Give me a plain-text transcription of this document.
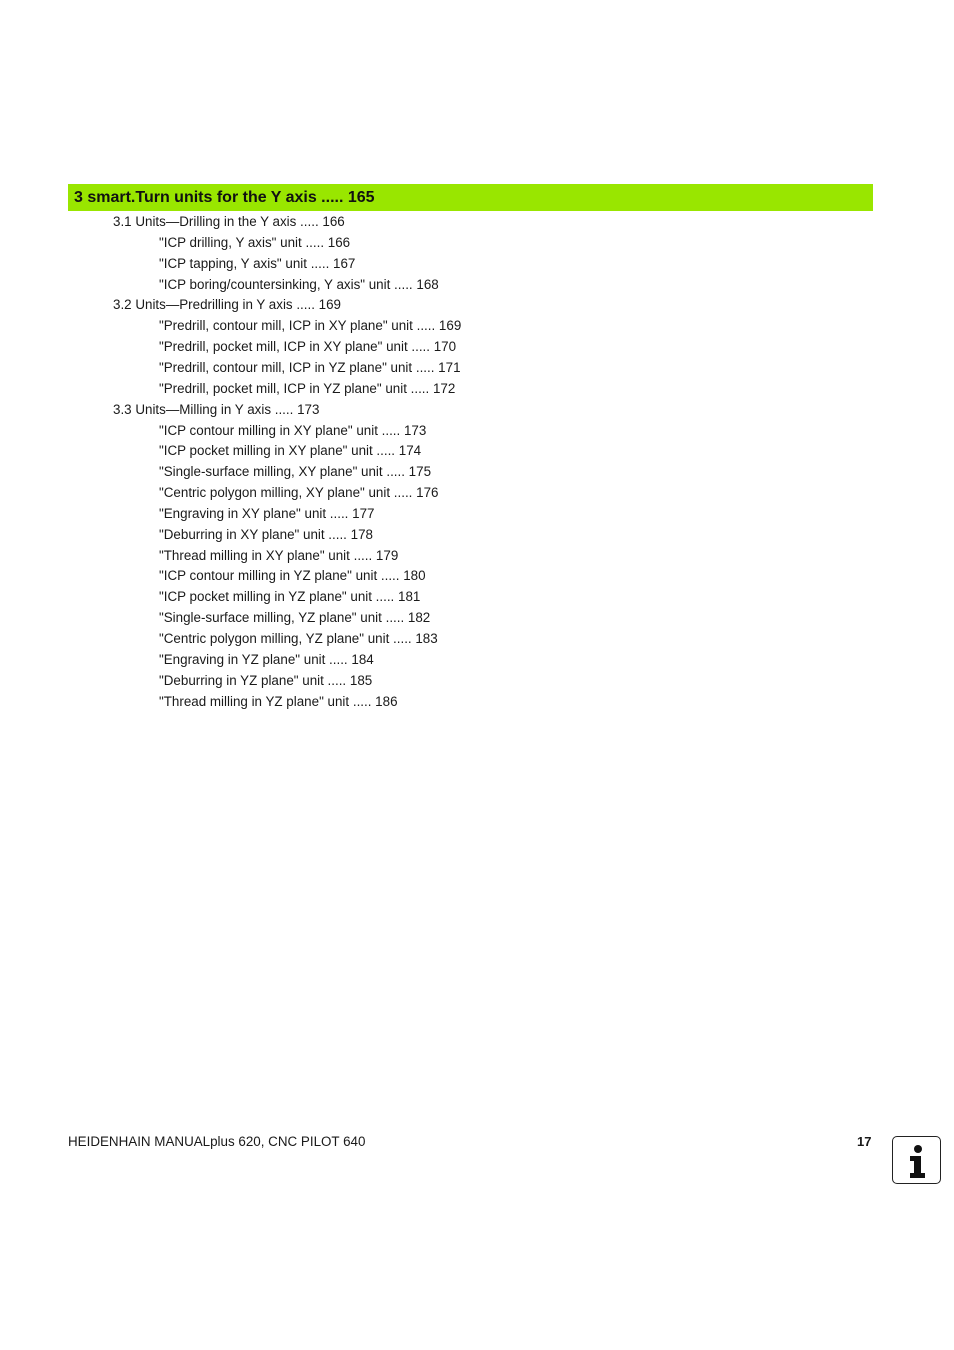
3 smart.Turn units for the Y axis ..... 165
3.1 Units—Drilling in the Y axis ..... 166
"ICP drilling, Y axis" unit ..... 166
"ICP tapping, Y axis" unit ..... 167
"ICP boring/countersinking, Y axis" unit ..... 168
3.2 Units—Predrilling in Y axis ..... 169
"Predrill, contour mill, ICP in XY plane" unit ..... 169
"Predrill, pocket mill, ICP in XY plane" unit ..... 170
"Predrill, contour mill, ICP in YZ plane" unit ..... 171
"Predrill, pocket mill, ICP in YZ plane" unit ..... 172
3.3 Units—Milling in Y axis ..... 173
"ICP contour milling in XY plane" unit ..... 173
"ICP pocket milling in XY plane" unit ..... 174
"Single-surface milling, XY plane" unit ..... 175
"Centric polygon milling, XY plane" unit ..... 176
"Engraving in XY plane" unit ..... 177
"Deburring in XY plane" unit ..... 178
"Thread milling in XY plane" unit ..... 179
"ICP contour milling in YZ plane" unit ..... 180
"ICP pocket milling in YZ plane" unit ..... 181
"Single-surface milling, YZ plane" unit ..... 182
"Centric polygon milling, YZ plane" unit ..... 183
"Engraving in YZ plane" unit ..... 184
"Deburring in YZ plane" unit ..... 185
"Thread milling in YZ plane" unit ..... 186
HEIDENHAIN MANUALplus 620, CNC PILOT 640	17
